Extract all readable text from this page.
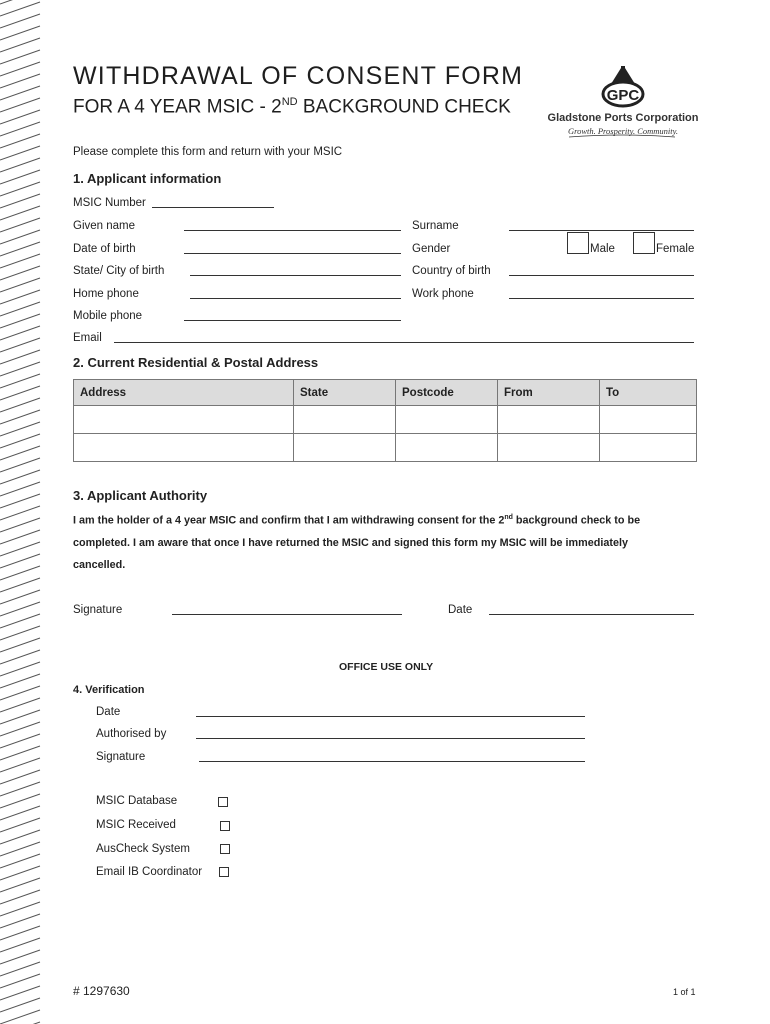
WITHDRAWAL OF CONSENT FORM
FOR A 4 YEAR MSIC - 2ND BACKGROUND CHECK
GPC
Gladstone Ports Corporation
Growth. Prosperity. Community.
Please complete this form and return with your MSIC
1. Applicant information
MSIC Number
Given name	Surname
Date of birth	Gender	Male	Female
State/ City of birth	Country of birth
Home phone	Work phone
Mobile phone
Email
2. Current Residential & Postal Address
Address	State	Postcode	From	To

3. Applicant Authority
I am the holder of a 4 year MSIC and confirm that I am withdrawing consent for the 2nd background check to be
completed. I am aware that once I have returned the MSIC and signed this form my MSIC will be immediately
cancelled.
Signature	Date
OFFICE USE ONLY
4. Verification
Date
Authorised by
Signature
MSIC Database
MSIC Received
AusCheck System
Email IB Coordinator
# 1297630	1 of 1
